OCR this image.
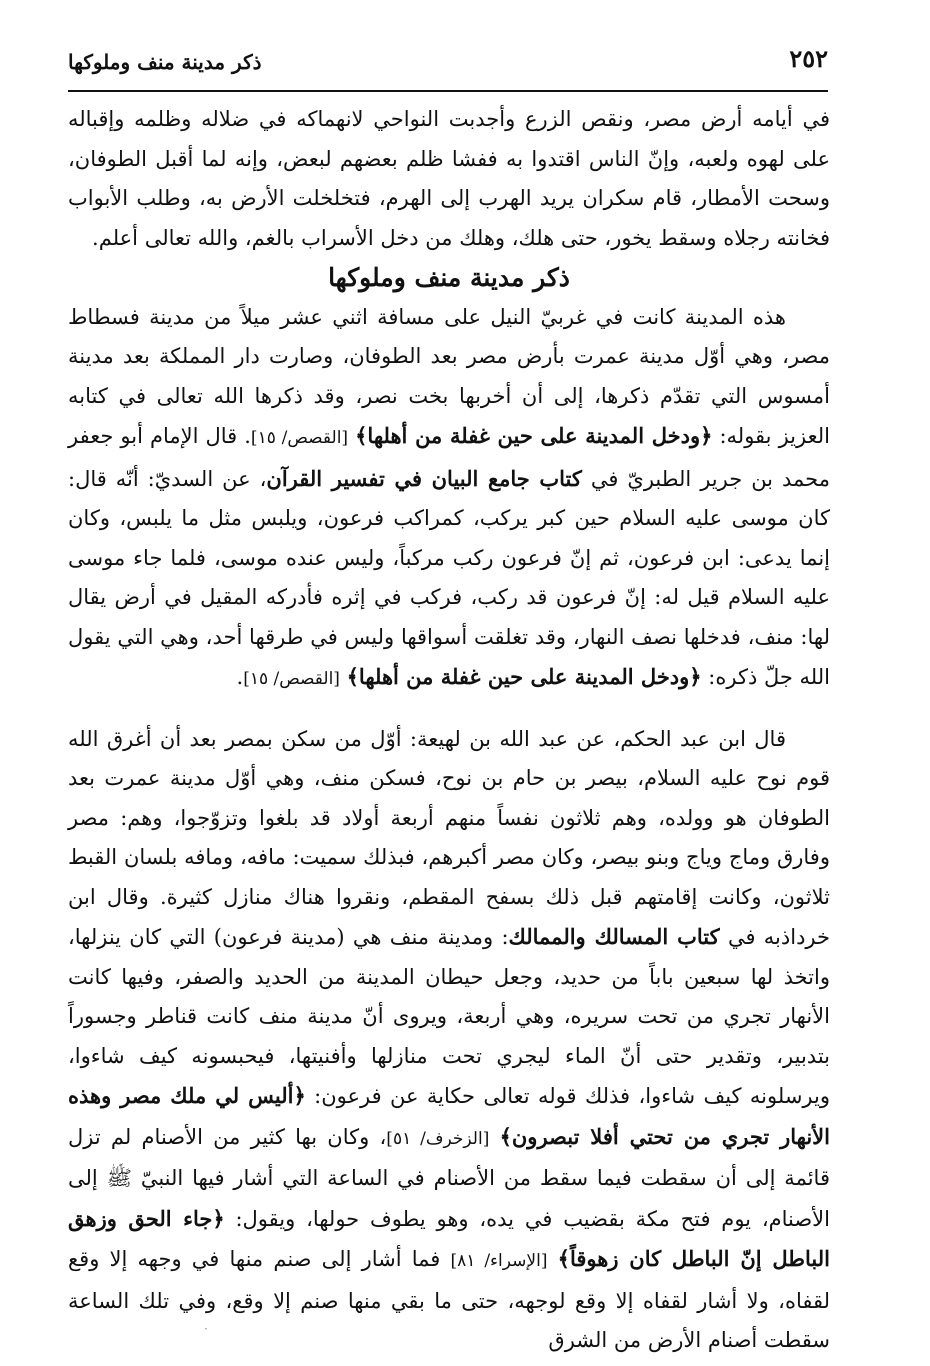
٢٥٢
ذكر مدينة منف وملوكها

في أيامه أرض مصر، ونقص الزرع وأجدبت النواحي لانهماكه في ضلاله وظلمه وإقباله على لهوه ولعبه، وإنّ الناس اقتدوا به ففشا ظلم بعضهم لبعض، وإنه لما أقبل الطوفان، وسحت الأمطار، قام سكران يريد الهرب إلى الهرم، فتخلخلت الأرض به، وطلب الأبواب فخانته رجلاه وسقط يخور، حتى هلك، وهلك من دخل الأسراب بالغم، والله تعالى أعلم.

ذكر مدينة منف وملوكها

هذه المدينة كانت في غربيّ النيل على مسافة اثني عشر ميلاً من مدينة فسطاط مصر، وهي أوّل مدينة عمرت بأرض مصر بعد الطوفان، وصارت دار المملكة بعد مدينة أمسوس التي تقدّم ذكرها، إلى أن أخربها بخت نصر، وقد ذكرها الله تعالى في كتابه العزيز بقوله: ﴿ودخل المدينة على حين غفلة من أهلها﴾ [القصص/ ١٥]. قال الإمام أبو جعفر محمد بن جرير الطبريّ في كتاب جامع البيان في تفسير القرآن، عن السديّ: أنّه قال: كان موسى عليه السلام حين كبر يركب، كمراكب فرعون، ويلبس مثل ما يلبس، وكان إنما يدعى: ابن فرعون، ثم إنّ فرعون ركب مركباً، وليس عنده موسى، فلما جاء موسى عليه السلام قيل له: إنّ فرعون قد ركب، فركب في إثره فأدركه المقيل في أرض يقال لها: منف، فدخلها نصف النهار، وقد تغلقت أسواقها وليس في طرقها أحد، وهي التي يقول الله جلّ ذكره: ﴿ودخل المدينة على حين غفلة من أهلها﴾ [القصص/ ١٥].

قال ابن عبد الحكم، عن عبد الله بن لهيعة: أوّل من سكن بمصر بعد أن أغرق الله قوم نوح عليه السلام، بيصر بن حام بن نوح، فسكن منف، وهي أوّل مدينة عمرت بعد الطوفان هو وولده، وهم ثلاثون نفساً منهم أربعة أولاد قد بلغوا وتزوّجوا، وهم: مصر وفارق وماج وياج وبنو بيصر، وكان مصر أكبرهم، فبذلك سميت: مافه، ومافه بلسان القبط ثلاثون، وكانت إقامتهم قبل ذلك بسفح المقطم، ونقروا هناك منازل كثيرة. وقال ابن خرداذبه في كتاب المسالك والممالك: ومدينة منف هي (مدينة فرعون) التي كان ينزلها، واتخذ لها سبعين باباً من حديد، وجعل حيطان المدينة من الحديد والصفر، وفيها كانت الأنهار تجري من تحت سريره، وهي أربعة، ويروى أنّ مدينة منف كانت قناطر وجسوراً بتدبير، وتقدير حتى أنّ الماء ليجري تحت منازلها وأفنيتها، فيحبسونه كيف شاءوا، ويرسلونه كيف شاءوا، فذلك قوله تعالى حكاية عن فرعون: ﴿أليس لي ملك مصر وهذه الأنهار تجري من تحتي أفلا تبصرون﴾ [الزخرف/ ٥١]، وكان بها كثير من الأصنام لم تزل قائمة إلى أن سقطت فيما سقط من الأصنام في الساعة التي أشار فيها النبيّ ﷺ إلى الأصنام، يوم فتح مكة بقضيب في يده، وهو يطوف حولها، ويقول: ﴿جاء الحق وزهق الباطل إنّ الباطل كان زهوقاً﴾ [الإسراء/ ٨١] فما أشار إلى صنم منها في وجهه إلا وقع لقفاه، ولا أشار لقفاه إلا وقع لوجهه، حتى ما بقي منها صنم إلا وقع، وفي تلك الساعة سقطت أصنام الأرض من الشرق

·
